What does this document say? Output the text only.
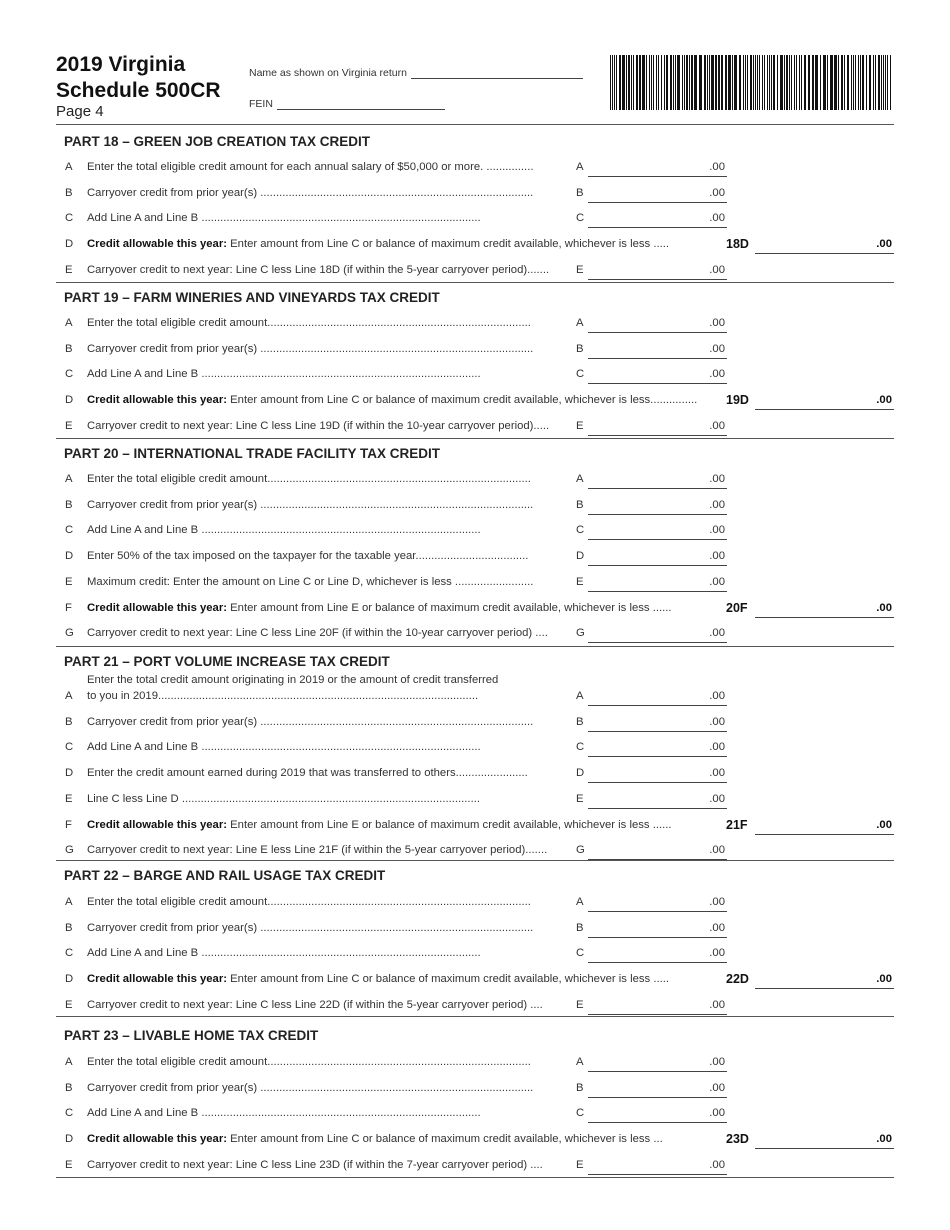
2019 Virginia
Schedule 500CR
Page 4
Name as shown on Virginia return
FEIN
PART 18 – GREEN JOB CREATION TAX CREDIT
A Enter the total eligible credit amount for each annual salary of $50,000 or more. ...............	A	.00
B Carryover credit from prior year(s) .......................................................................................	B	.00
C Add Line A and Line B .........................................................................................	C	.00
D Credit allowable this year: Enter amount from Line C or balance of maximum credit available, whichever is less .....	18D	.00
E Carryover credit to next year: Line C less Line 18D (if within the 5-year carryover period).......	E	.00
PART 19 – FARM WINERIES AND VINEYARDS TAX CREDIT
A Enter the total eligible credit amount....................................................................................	A	.00
B Carryover credit from prior year(s) .......................................................................................	B	.00
C Add Line A and Line B .........................................................................................	C	.00
D Credit allowable this year: Enter amount from Line C or balance of maximum credit available, whichever is less...............	19D	.00
E Carryover credit to next year: Line C less Line 19D (if within the 10-year carryover period).....	E	.00
PART 20 – INTERNATIONAL TRADE FACILITY TAX CREDIT
A Enter the total eligible credit amount....................................................................................	A	.00
B Carryover credit from prior year(s) .......................................................................................	B	.00
C Add Line A and Line B .........................................................................................	C	.00
D Enter 50% of the tax imposed on the taxpayer for the taxable year....................................	D	.00
E Maximum credit: Enter the amount on Line C or Line D, whichever is less .........................	E	.00
F Credit allowable this year: Enter amount from Line E or balance of maximum credit available, whichever is less ......	20F	.00
G Carryover credit to next year: Line C less Line 20F (if within the 10-year carryover period) ....	G	.00
PART 21 – PORT VOLUME INCREASE TAX CREDIT
A
Enter the total credit amount originating in 2019 or the amount of credit transferred
to you in 2019......................................................................................................	A	.00
B Carryover credit from prior year(s) .......................................................................................	B	.00
C Add Line A and Line B .........................................................................................	C	.00
D Enter the credit amount earned during 2019 that was transferred to others.......................	D	.00
E Line C less Line D ...............................................................................................	E	.00
F Credit allowable this year: Enter amount from Line E or balance of maximum credit available, whichever is less ......	21F	.00
G Carryover credit to next year: Line E less Line 21F (if within the 5-year carryover period).......	G	.00
PART 22 – BARGE AND RAIL USAGE TAX CREDIT
A Enter the total eligible credit amount....................................................................................	A	.00
B Carryover credit from prior year(s) .......................................................................................	B	.00
C Add Line A and Line B .........................................................................................	C	.00
D Credit allowable this year: Enter amount from Line C or balance of maximum credit available, whichever is less .....	22D	.00
E Carryover credit to next year: Line C less Line 22D (if within the 5-year carryover period) ....	E	.00
PART 23 – LIVABLE HOME TAX CREDIT
A Enter the total eligible credit amount....................................................................................	A	.00
B Carryover credit from prior year(s) .......................................................................................	B	.00
C Add Line A and Line B .........................................................................................	C	.00
D Credit allowable this year: Enter amount from Line C or balance of maximum credit available, whichever is less ...	23D	.00
E Carryover credit to next year: Line C less Line 23D (if within the 7-year carryover period) ....	E	.00
